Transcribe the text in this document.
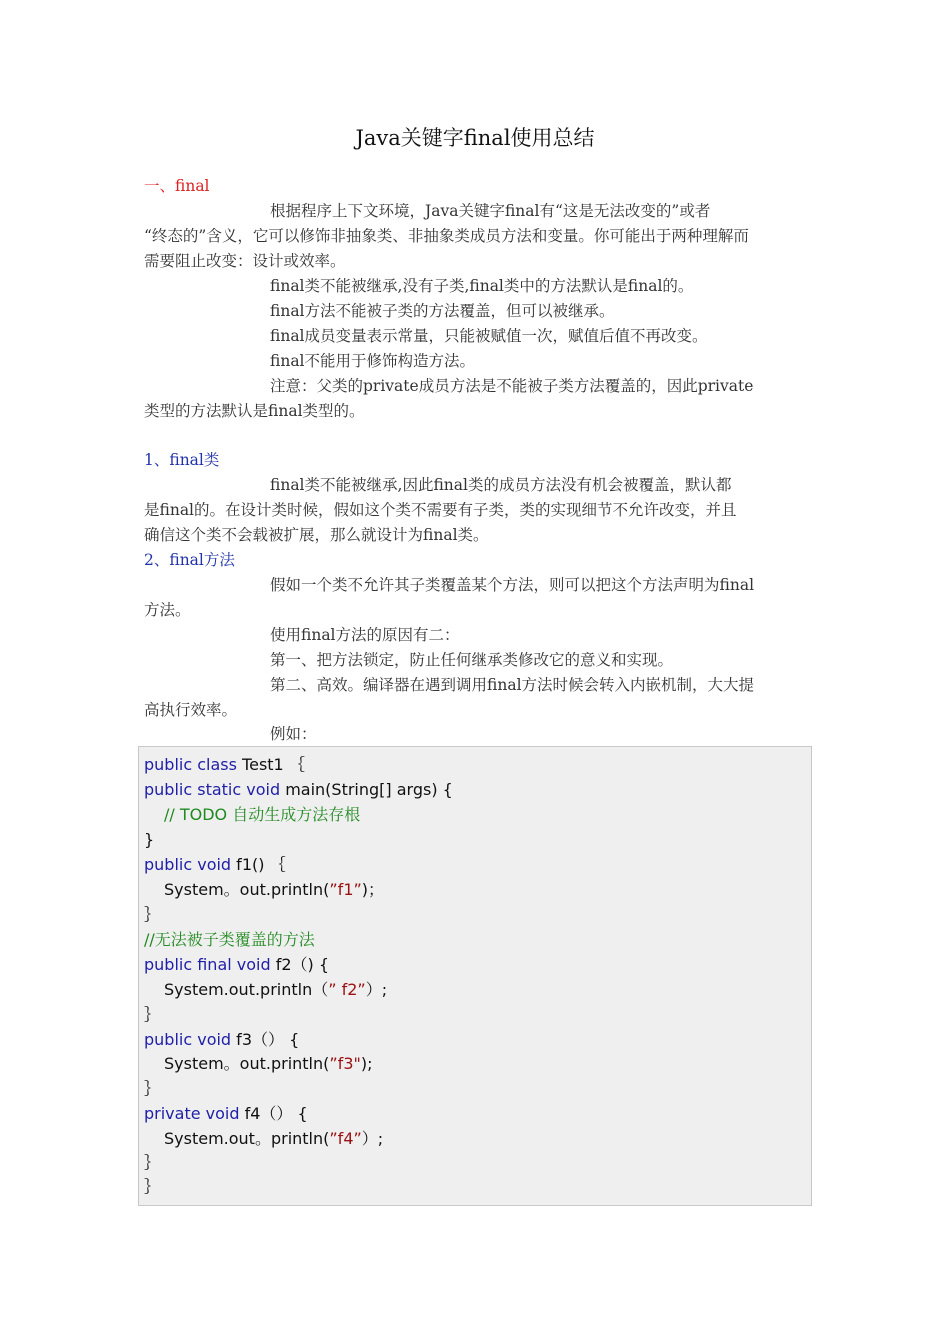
Java关键字final使用总结
一、final
根据程序上下文环境，Java关键字final有“这是无法改变的”或者
“终态的”含义，它可以修饰非抽象类、非抽象类成员方法和变量。你可能出于两种理解而
需要阻止改变：设计或效率。
final类不能被继承,没有子类,final类中的方法默认是final的。
final方法不能被子类的方法覆盖，但可以被继承。
final成员变量表示常量，只能被赋值一次，赋值后值不再改变。
final不能用于修饰构造方法。
注意：父类的private成员方法是不能被子类方法覆盖的，因此private
类型的方法默认是final类型的。
1、final类
final类不能被继承,因此final类的成员方法没有机会被覆盖，默认都
是final的。在设计类时候，假如这个类不需要有子类，类的实现细节不允许改变，并且
确信这个类不会载被扩展，那么就设计为final类。
2、final方法
假如一个类不允许其子类覆盖某个方法，则可以把这个方法声明为final
方法。
使用final方法的原因有二：
第一、把方法锁定，防止任何继承类修改它的意义和实现。
第二、高效。编译器在遇到调用final方法时候会转入内嵌机制，大大提
高执行效率。
例如：
public class Test1 ｛
public static void main(String[] args) {
// TODO 自动生成方法存根
}
public void f1() ｛
System。out.println(”f1”)；
｝
//无法被子类覆盖的方法
public final void f2（) {
System.out.println（” f2”）;
｝
public void f3（） {
System。out.println(”f3");
｝
private void f4（） {
System.out。println(”f4”）;
｝
｝
